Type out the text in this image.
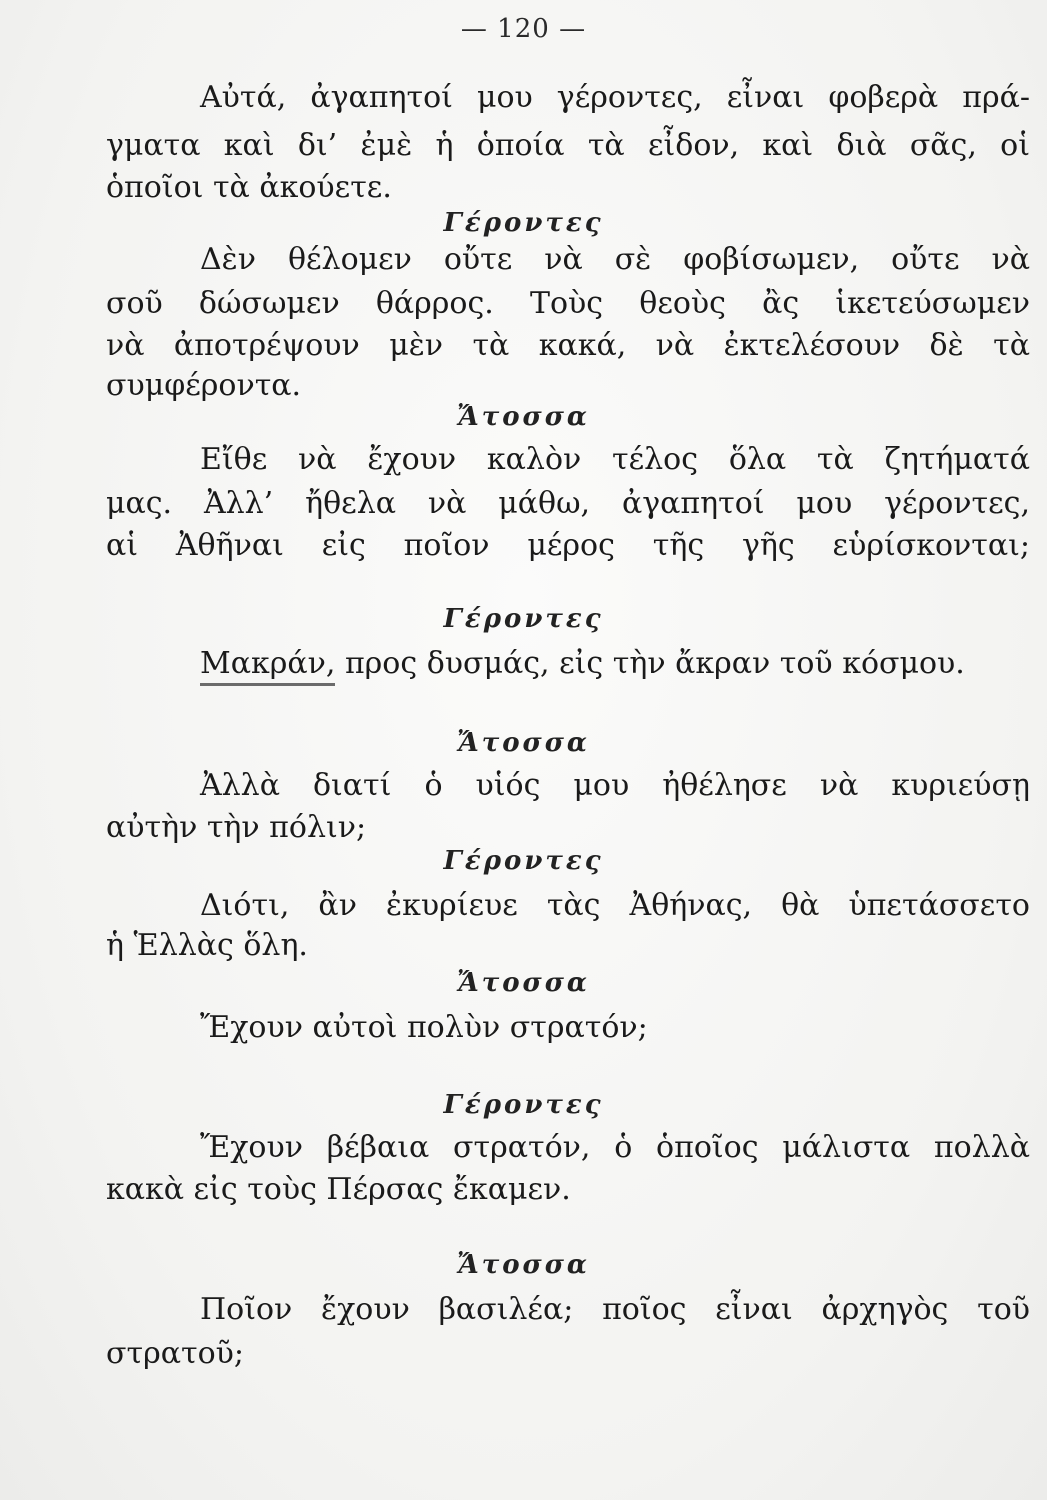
— 120 —
Αὐτά, ἀγαπητοί μου γέροντες, εἶναι φοβερὰ πρά-
γματα καὶ δι’ ἐμὲ ἡ ὁποία τὰ εἶδον, καὶ διὰ σᾶς, οἱ
ὁποῖοι τὰ ἀκούετε.
Γέροντες
Δὲν θέλομεν οὔτε νὰ σὲ φοβίσωμεν, οὔτε νὰ
σοῦ δώσωμεν θάρρος. Τοὺς θεοὺς ἂς ἱκετεύσωμεν
νὰ ἀποτρέψουν μὲν τὰ κακά, νὰ ἐκτελέσουν δὲ τὰ
συμφέροντα.
Ἄτοσσα
Εἴθε νὰ ἔχουν καλὸν τέλος ὅλα τὰ ζητήματά
μας. Ἀλλ’ ἤθελα νὰ μάθω, ἀγαπητοί μου γέροντες,
αἱ Ἀθῆναι εἰς ποῖον μέρος τῆς γῆς εὑρίσκονται;
Γέροντες
Μακράν, προς δυσμάς, εἰς τὴν ἄκραν τοῦ κόσμου.
Ἄτοσσα
Ἀλλὰ διατί ὁ υἱός μου ἠθέλησε νὰ κυριεύσῃ
αὐτὴν τὴν πόλιν;
Γέροντες
Διότι, ἂν ἐκυρίευε τὰς Ἀθήνας, θὰ ὑπετάσσετο
ἡ Ἑλλὰς ὅλη.
Ἄτοσσα
Ἔχουν αὐτοὶ πολὺν στρατόν;
Γέροντες
Ἔχουν βέβαια στρατόν, ὁ ὁποῖος μάλιστα πολλὰ
κακὰ εἰς τοὺς Πέρσας ἔκαμεν.
Ἄτοσσα
Ποῖον ἔχουν βασιλέα; ποῖος εἶναι ἀρχηγὸς τοῦ
στρατοῦ;
